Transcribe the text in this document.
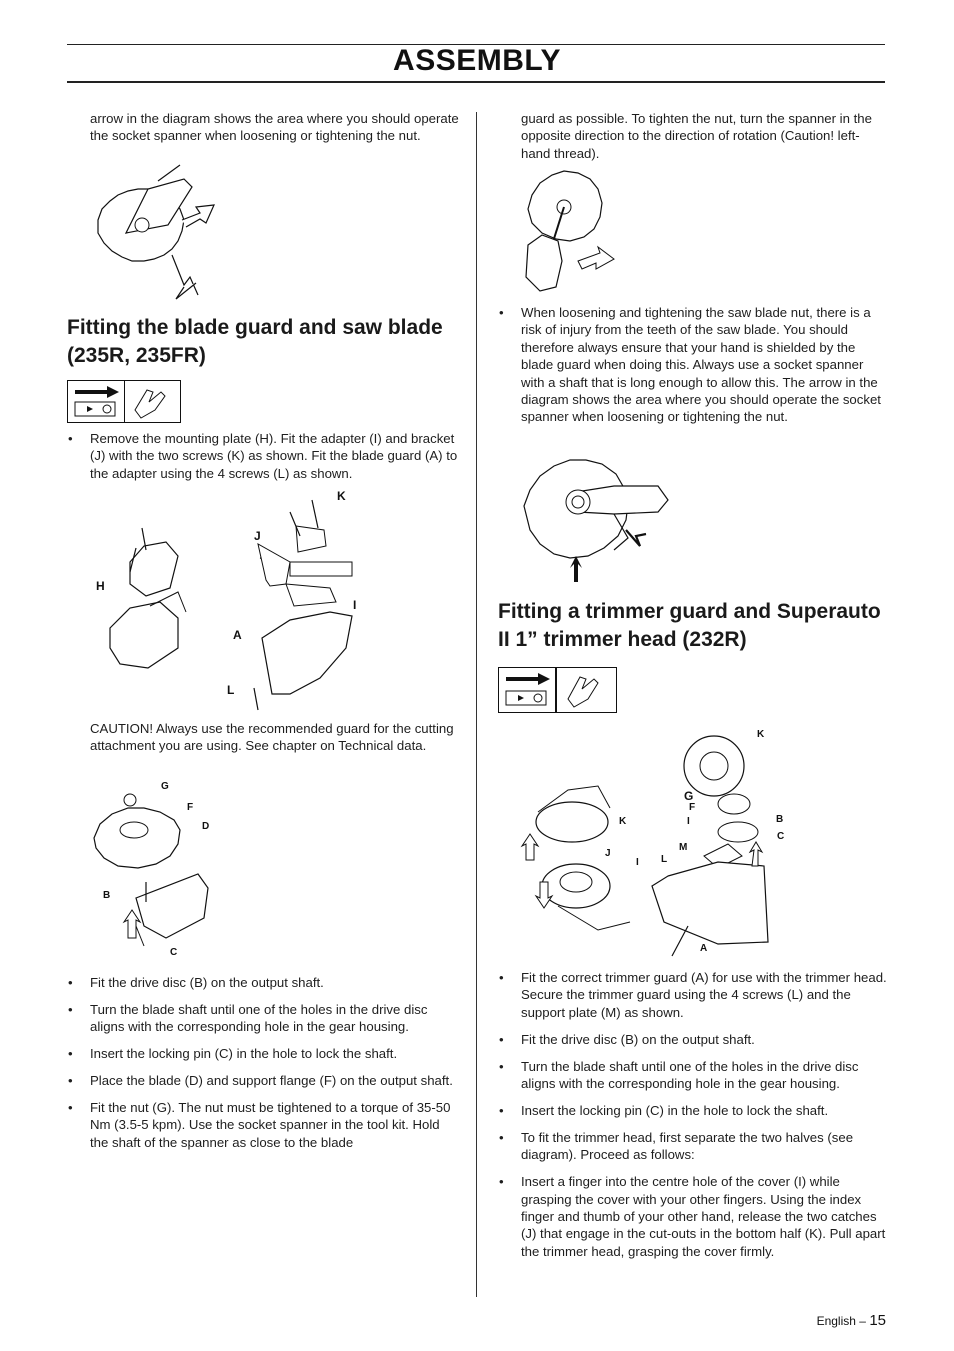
ASSEMBLY
arrow in the diagram shows the area where you should operate the socket spanner when loosening or tightening the nut.
Fitting the blade guard and saw blade (235R, 235FR)
• Remove the mounting plate (H). Fit the adapter (I) and bracket (J) with the two screws (K) as shown. Fit the blade guard (A) to the adapter using the 4 screws (L) as shown.
K
J
H
I
A
L
CAUTION! Always use the recommended guard for the cutting attachment you are using. See chapter on Technical data.
G
F
D
B
C
• Fit the drive disc (B) on the output shaft.
• Turn the blade shaft until one of the holes in the drive disc aligns with the corresponding hole in the gear housing.
• Insert the locking pin (C) in the hole to lock the shaft.
• Place the blade (D) and support flange (F) on the output shaft.
• Fit the nut (G). The nut must be tightened to a torque of 35-50 Nm (3.5-5 kpm). Use the socket spanner in the tool kit. Hold the shaft of the spanner as close to the blade
guard as possible. To tighten the nut, turn the spanner in the opposite direction to the direction of rotation (Caution! left-hand thread).
• When loosening and tightening the saw blade nut, there is a risk of injury from the teeth of the saw blade. You should therefore always ensure that your hand is shielded by the blade guard when doing this. Always use a socket spanner with a shaft that is long enough to allow this. The arrow in the diagram shows the area where you should operate the socket spanner when loosening or tightening the nut.
Fitting a trimmer guard and Superauto II 1” trimmer head (232R)
K
G
F
I	B
C
M
L
K
J
I
A
• Fit the correct trimmer guard (A) for use with the trimmer head. Secure the trimmer guard using the 4 screws (L) and the support plate (M) as shown.
• Fit the drive disc (B) on the output shaft.
• Turn the blade shaft until one of the holes in the drive disc aligns with the corresponding hole in the gear housing.
• Insert the locking pin (C) in the hole to lock the shaft.
• To fit the trimmer head, first separate the two halves (see diagram). Proceed as follows:
• Insert a finger into the centre hole of the cover (I) while grasping the cover with your other fingers. Using the index finger and thumb of your other hand, release the two catches (J) that engage in the cut-outs in the bottom half (K). Pull apart the trimmer head, grasping the cover firmly.
English – 15
